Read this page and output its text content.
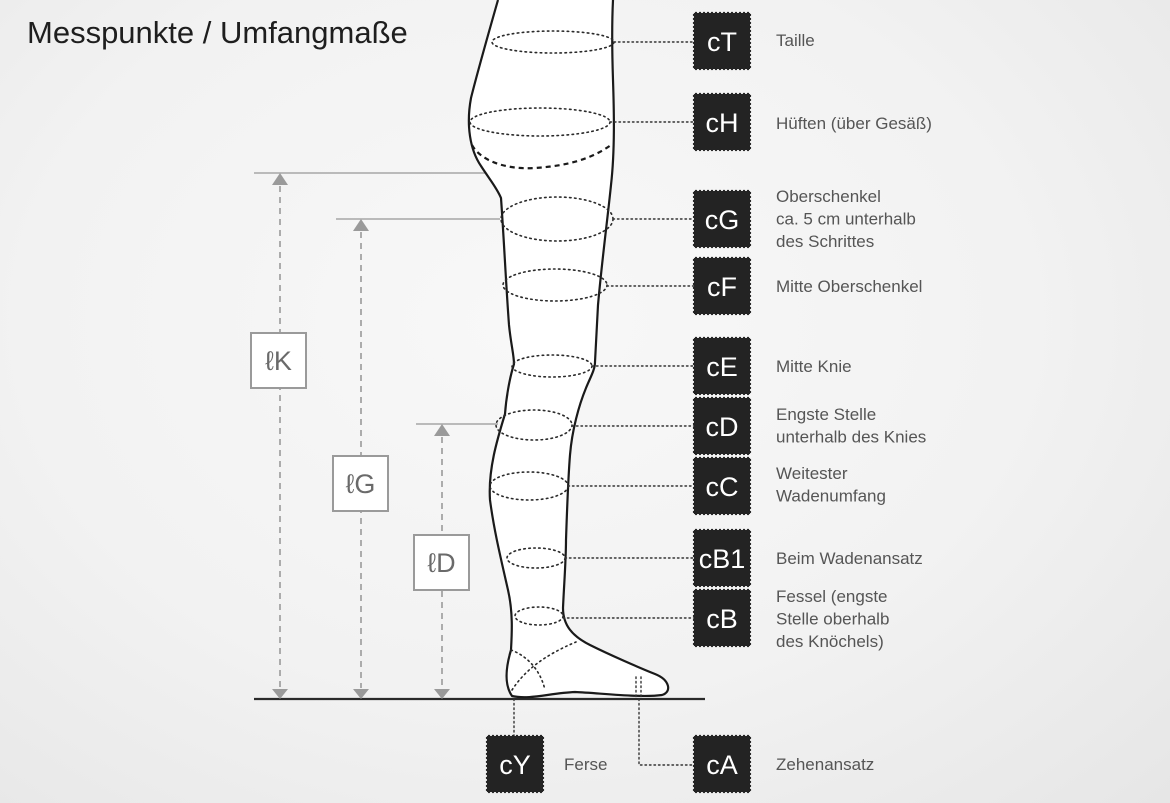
Messpunkte / Umfangmaße
ℓK
ℓG
ℓD
cT
cH
cG
cF
cE
cD
cC
cB1
cB
cA
cY
Taille
Hüften (über Gesäß)
Oberschenkel ca. 5 cm unterhalb des Schrittes
Mitte Oberschenkel
Mitte Knie
Engste Stelle unterhalb des Knies
Weitester Wadenumfang
Beim Wadenansatz
Fessel (engste Stelle oberhalb des Knöchels)
Zehenansatz
Ferse
